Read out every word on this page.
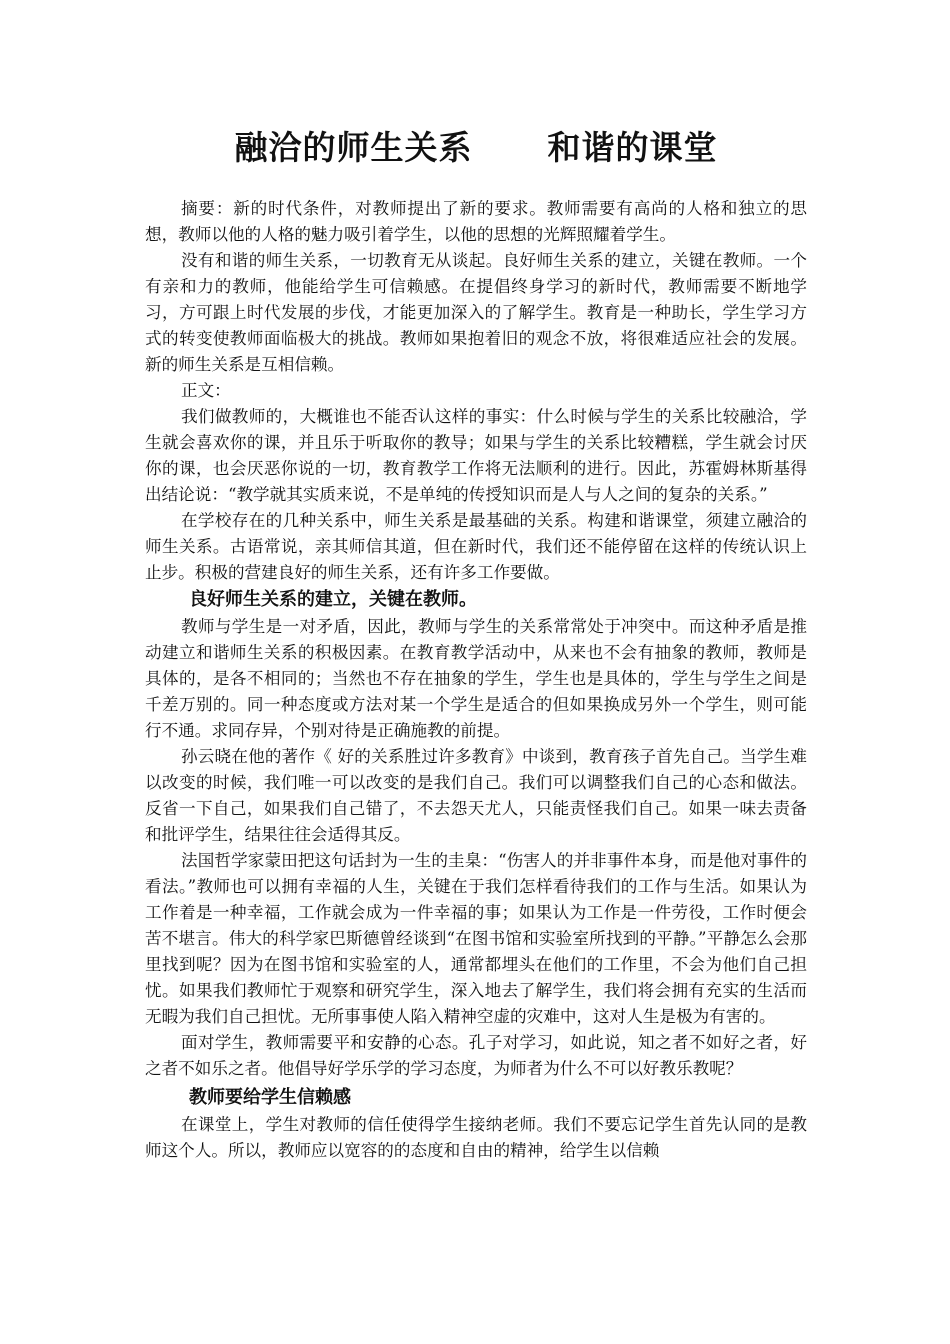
融洽的师生关系      和谐的课堂

摘要：新的时代条件，对教师提出了新的要求。教师需要有高尚的人格和独立的思想，教师以他的人格的魅力吸引着学生，以他的思想的光辉照耀着学生。

没有和谐的师生关系，一切教育无从谈起。良好师生关系的建立，关键在教师。一个有亲和力的教师，他能给学生可信赖感。在提倡终身学习的新时代，教师需要不断地学习，方可跟上时代发展的步伐，才能更加深入的了解学生。教育是一种助长，学生学习方式的转变使教师面临极大的挑战。教师如果抱着旧的观念不放，将很难适应社会的发展。新的师生关系是互相信赖。

正文：

我们做教师的，大概谁也不能否认这样的事实：什么时候与学生的关系比较融洽，学生就会喜欢你的课，并且乐于听取你的教导；如果与学生的关系比较糟糕，学生就会讨厌你的课，也会厌恶你说的一切，教育教学工作将无法顺利的进行。因此，苏霍姆林斯基得出结论说：“教学就其实质来说，不是单纯的传授知识而是人与人之间的复杂的关系。”

在学校存在的几种关系中，师生关系是最基础的关系。构建和谐课堂，须建立融洽的师生关系。古语常说，亲其师信其道，但在新时代，我们还不能停留在这样的传统认识上止步。积极的营建良好的师生关系，还有许多工作要做。

良好师生关系的建立，关键在教师。

教师与学生是一对矛盾，因此，教师与学生的关系常常处于冲突中。而这种矛盾是推动建立和谐师生关系的积极因素。在教育教学活动中，从来也不会有抽象的教师，教师是具体的，是各不相同的；当然也不存在抽象的学生，学生也是具体的，学生与学生之间是千差万别的。同一种态度或方法对某一个学生是适合的但如果换成另外一个学生，则可能行不通。求同存异，个别对待是正确施教的前提。

孙云晓在他的著作《 好的关系胜过许多教育》中谈到，教育孩子首先自己。当学生难以改变的时候，我们唯一可以改变的是我们自己。我们可以调整我们自己的心态和做法。反省一下自己，如果我们自己错了，不去怨天尤人，只能责怪我们自己。如果一味去责备和批评学生，结果往往会适得其反。

法国哲学家蒙田把这句话封为一生的圭臬：“伤害人的并非事件本身，而是他对事件的看法。”教师也可以拥有幸福的人生，关键在于我们怎样看待我们的工作与生活。如果认为工作着是一种幸福，工作就会成为一件幸福的事；如果认为工作是一件劳役，工作时便会苦不堪言。伟大的科学家巴斯德曾经谈到“在图书馆和实验室所找到的平静。”平静怎么会那里找到呢？因为在图书馆和实验室的人，通常都埋头在他们的工作里，不会为他们自己担忧。如果我们教师忙于观察和研究学生，深入地去了解学生，我们将会拥有充实的生活而无暇为我们自己担忧。无所事事使人陷入精神空虚的灾难中，这对人生是极为有害的。

面对学生，教师需要平和安静的心态。孔子对学习，如此说，知之者不如好之者，好之者不如乐之者。他倡导好学乐学的学习态度，为师者为什么不可以好教乐教呢？

教师要给学生信赖感

在课堂上，学生对教师的信任使得学生接纳老师。我们不要忘记学生首先认同的是教师这个人。所以，教师应以宽容的的态度和自由的精神，给学生以信赖
